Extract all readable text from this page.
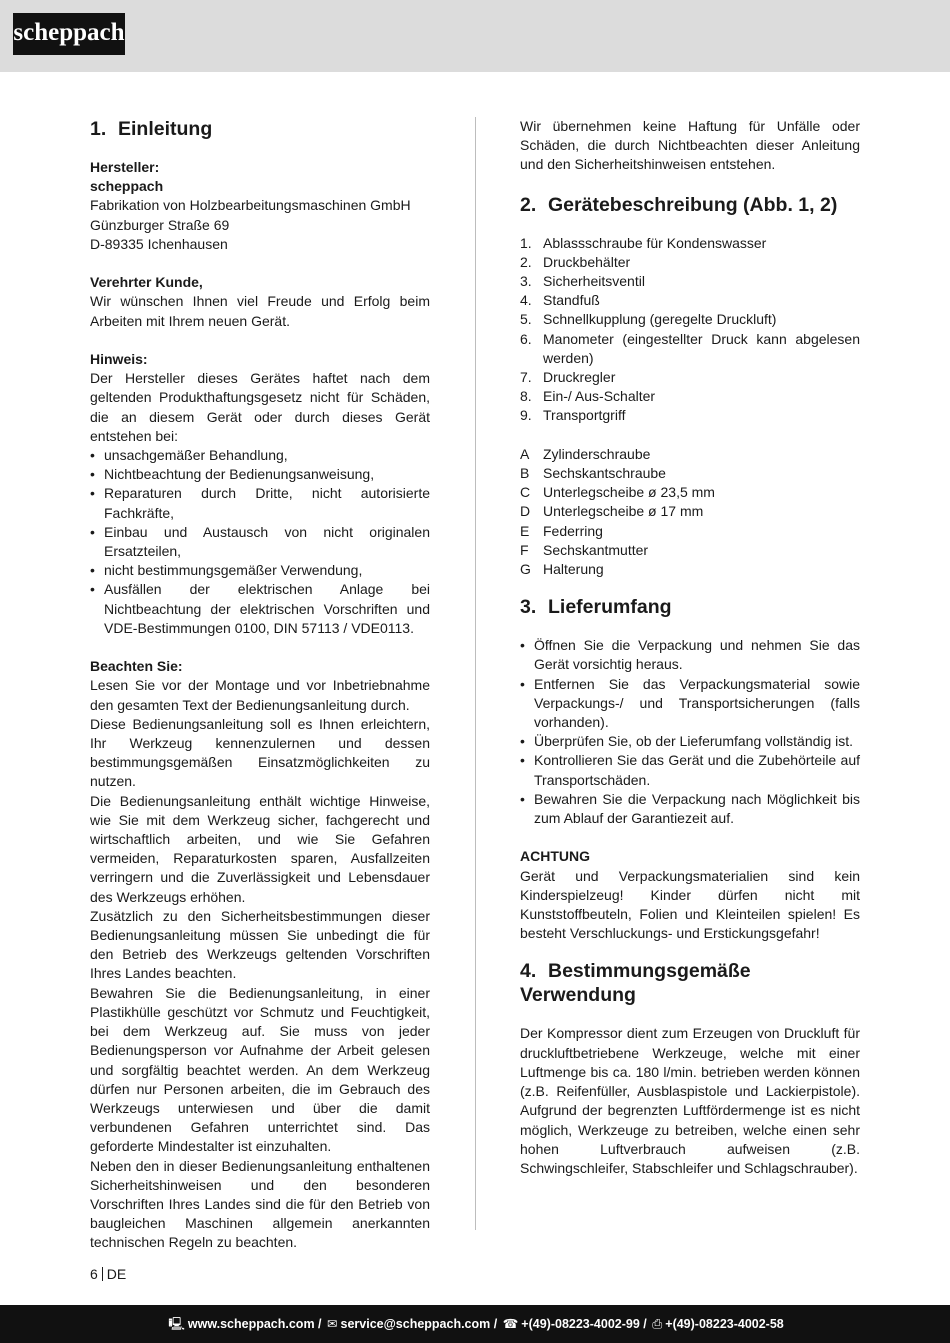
scheppach
1. Einleitung
Hersteller:
scheppach
Fabrikation von Holzbearbeitungsmaschinen GmbH
Günzburger Straße 69
D-89335 Ichenhausen
Verehrter Kunde,

Wir wünschen Ihnen viel Freude und Erfolg beim Arbeiten mit Ihrem neuen Gerät.

Hinweis:

Der Hersteller dieses Gerätes haftet nach dem geltenden Produkthaftungsgesetz nicht für Schäden, die an diesem Gerät oder durch dieses Gerät entstehen bei:

• unsachgemäßer Behandlung,
• Nichtbeachtung der Bedienungsanweisung,
• Reparaturen durch Dritte, nicht autorisierte Fachkräfte,
• Einbau und Austausch von nicht originalen Ersatzteilen,
• nicht bestimmungsgemäßer Verwendung,
• Ausfällen der elektrischen Anlage bei Nichtbeachtung der elektrischen Vorschriften und VDE-Bestimmungen 0100, DIN 57113 / VDE0113.
Beachten Sie:

Lesen Sie vor der Montage und vor Inbetriebnahme den gesamten Text der Bedienungsanleitung durch.

Diese Bedienungsanleitung soll es Ihnen erleichtern, Ihr Werkzeug kennenzulernen und dessen bestimmungsgemäßen Einsatzmöglichkeiten zu nutzen.

Die Bedienungsanleitung enthält wichtige Hinweise, wie Sie mit dem Werkzeug sicher, fachgerecht und wirtschaftlich arbeiten, und wie Sie Gefahren vermeiden, Reparaturkosten sparen, Ausfallzeiten verringern und die Zuverlässigkeit und Lebensdauer des Werkzeugs erhöhen.

Zusätzlich zu den Sicherheitsbestimmungen dieser Bedienungsanleitung müssen Sie unbedingt die für den Betrieb des Werkzeugs geltenden Vorschriften Ihres Landes beachten.

Bewahren Sie die Bedienungsanleitung, in einer Plastikhülle geschützt vor Schmutz und Feuchtigkeit, bei dem Werkzeug auf. Sie muss von jeder Bedienungsperson vor Aufnahme der Arbeit gelesen und sorgfältig beachtet werden. An dem Werkzeug dürfen nur Personen arbeiten, die im Gebrauch des Werkzeugs unterwiesen und über die damit verbundenen Gefahren unterrichtet sind. Das geforderte Mindestalter ist einzuhalten.

Neben den in dieser Bedienungsanleitung enthaltenen Sicherheitshinweisen und den besonderen Vorschriften Ihres Landes sind die für den Betrieb von baugleichen Maschinen allgemein anerkannten technischen Regeln zu beachten.

Wir übernehmen keine Haftung für Unfälle oder Schäden, die durch Nichtbeachten dieser Anleitung und den Sicherheitshinweisen entstehen.

2. Gerätebeschreibung (Abb. 1, 2)
1. Ablassschraube für Kondenswasser
2. Druckbehälter
3. Sicherheitsventil
4. Standfuß
5. Schnellkupplung (geregelte Druckluft)
6. Manometer (eingestellter Druck kann abgelesen werden)
7. Druckregler
8. Ein-/ Aus-Schalter
9. Transportgriff
A Zylinderschraube
B Sechskantschraube
C Unterlegscheibe ø 23,5 mm
D Unterlegscheibe ø 17 mm
E Federring
F Sechskantmutter
G Halterung
3. Lieferumfang
• Öffnen Sie die Verpackung und nehmen Sie das Gerät vorsichtig heraus.
• Entfernen Sie das Verpackungsmaterial sowie Verpackungs-/ und Transportsicherungen (falls vorhanden).
• Überprüfen Sie, ob der Lieferumfang vollständig ist.
• Kontrollieren Sie das Gerät und die Zubehörteile auf Transportschäden.
• Bewahren Sie die Verpackung nach Möglichkeit bis zum Ablauf der Garantiezeit auf.
ACHTUNG

Gerät und Verpackungsmaterialien sind kein Kinderspielzeug! Kinder dürfen nicht mit Kunststoffbeuteln, Folien und Kleinteilen spielen! Es besteht Verschluckungs- und Erstickungsgefahr!

4. Bestimmungsgemäße Verwendung

Der Kompressor dient zum Erzeugen von Druckluft für druckluftbetriebene Werkzeuge, welche mit einer Luftmenge bis ca. 180 l/min. betrieben werden können (z.B. Reifenfüller, Ausblaspistole und Lackierpistole). Aufgrund der begrenzten Luftfördermenge ist es nicht möglich, Werkzeuge zu betreiben, welche einen sehr hohen Luftverbrauch aufweisen (z.B. Schwingschleifer, Stabschleifer und Schlagschrauber).

6 DE
🖳︎ www.scheppach.com / ✉︎ service@scheppach.com / ☎︎ +(49)-08223-4002-99 / ⎙︎ +(49)-08223-4002-58
